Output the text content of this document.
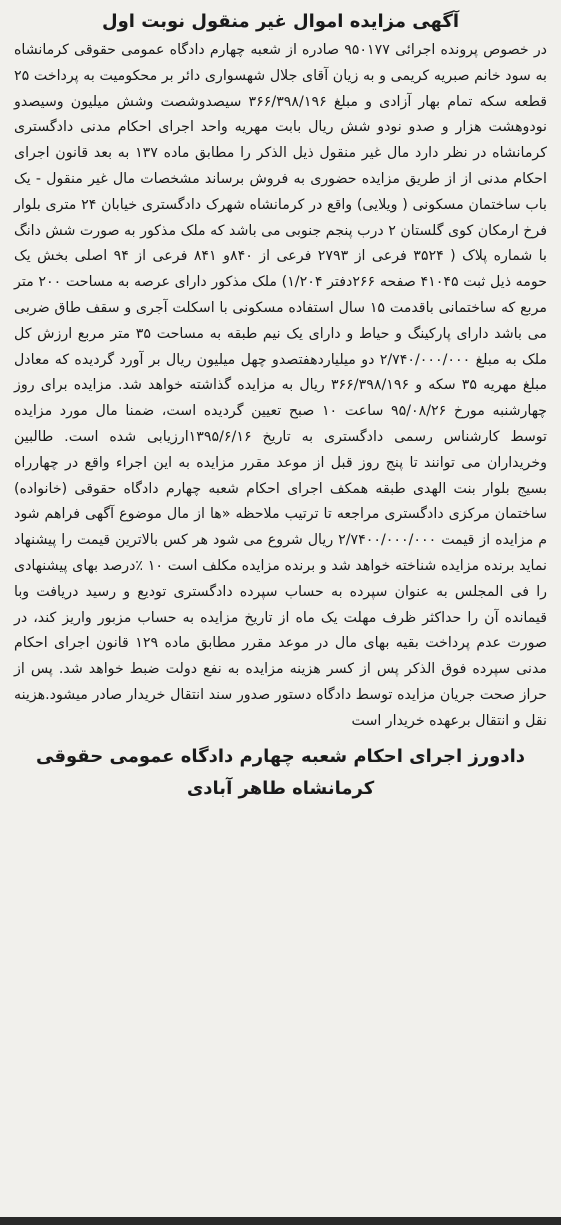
آگهی مزایده اموال غیر منقول نوبت اول

در خصوص پرونده اجرائی ۹۵۰۱۷۷ صادره از شعبه چهارم دادگاه عمومی حقوقی کرمانشاه به سود خانم صبریه کریمی و به زیان آقای جلال شهسواری دائر بر محکومیت به پرداخت ۲۵ قطعه سکه تمام بهار آزادی و مبلغ ۳۶۶/۳۹۸/۱۹۶ سیصدوشصت وشش میلیون وسیصدو نودوهشت هزار و صدو نودو شش ریال بابت مهریه واحد اجرای احکام مدنی دادگستری کرمانشاه در نظر دارد مال غیر منقول ذیل الذکر را مطابق ماده ۱۳۷ به بعد قانون اجرای احکام مدنی از از طریق مزایده حضوری به فروش برساند مشخصات مال غیر منقول - یک باب ساختمان مسکونی ( ویلایی) واقع در کرمانشاه شهرک دادگستری خیابان ۲۴ متری بلوار فرخ ارمکان کوی گلستان ۲ درب پنجم جنوبی می باشد که ملک مذکور به صورت شش دانگ با شماره پلاک ( ۳۵۲۴ فرعی از ۲۷۹۳ فرعی از ۸۴۰و ۸۴۱ فرعی از ۹۴ اصلی بخش یک حومه ذیل ثبت ۴۱۰۴۵ صفحه ۲۶۶دفتر ۱/۲۰۴) ملک مذکور دارای عرصه به مساحت ۲۰۰ متر مربع که ساختمانی باقدمت ۱۵ سال استفاده مسکونی با اسکلت آجری و سقف طاق ضربی می باشد دارای پارکینگ و حیاط و دارای یک نیم طبقه به مساحت ۳۵ متر مربع ارزش کل ملک به مبلغ ۲/۷۴۰/۰۰۰/۰۰۰ دو میلیاردهفتصدو چهل میلیون ریال بر آورد گردیده که معادل مبلغ مهریه ۳۵ سکه و ۳۶۶/۳۹۸/۱۹۶ ریال به مزایده گذاشته خواهد شد. مزایده برای روز چهارشنبه مورخ ۹۵/۰۸/۲۶ ساعت ۱۰ صبح تعیین گردیده است، ضمنا مال مورد مزایده توسط کارشناس رسمی دادگستری به تاریخ ۱۳۹۵/۶/۱۶ارزیابی شده است. طالبین وخریداران می توانند تا پنج روز قبل از موعد مقرر مزایده به این اجراء واقع در چهارراه بسیج بلوار بنت الهدی طبقه همکف اجرای احکام شعبه چهارم دادگاه حقوقی (خانواده) ساختمان مرکزی دادگستری مراجعه تا ترتیب ملاحظه «ها از مال موضوع آگهی فراهم شود م مزایده از قیمت ۲/۷۴۰۰/۰۰۰/۰۰۰ ریال شروع می شود هر کس بالاترین قیمت را پیشنهاد نماید برنده مزایده شناخته خواهد شد و برنده مزایده مکلف است ۱۰ ٪درصد بهای پیشنهادی را فی المجلس به عنوان سپرده به حساب سپرده دادگستری تودیع و رسید دریافت وبا قیمانده آن را حداکثر ظرف مهلت یک ماه از تاریخ مزایده به حساب مزبور واریز کند، در صورت عدم پرداخت بقیه بهای مال در موعد مقرر مطابق ماده ۱۲۹ قانون اجرای احکام مدنی سپرده فوق الذکر پس از کسر هزینه مزایده به نفع دولت ضبط خواهد شد. پس از حراز صحت جریان مزایده توسط دادگاه دستور صدور سند انتقال خریدار صادر میشود.هزینه نقل و انتقال برعهده خریدار است

دادورز اجرای احکام شعبه چهارم دادگاه عمومی حقوقی
کرمانشاه طاهر آبادی
